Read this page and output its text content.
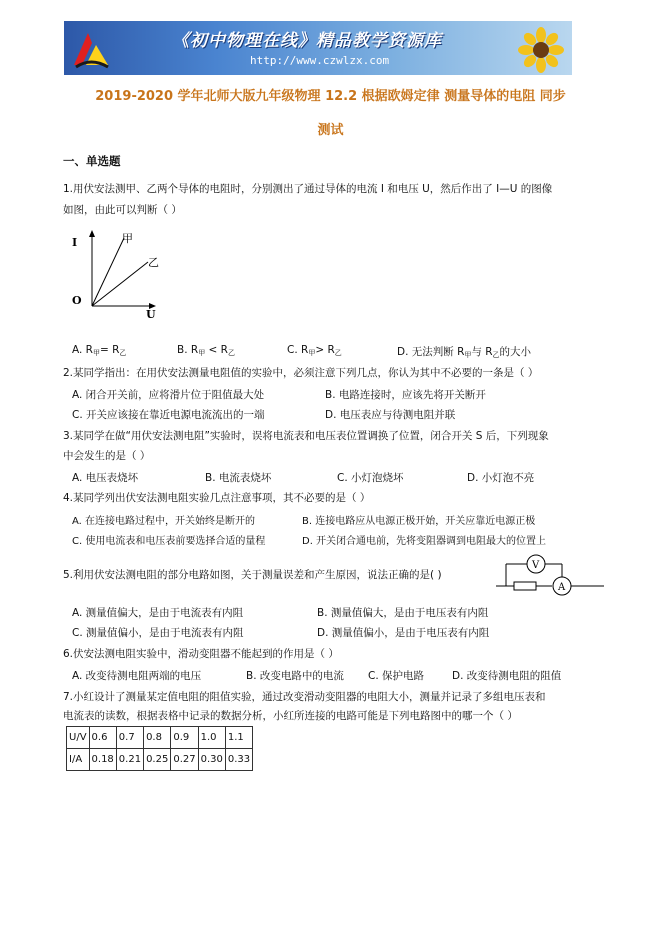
《初中物理在线》精品教学资源库
http://www.czwlzx.com
2019-2020 学年北师大版九年级物理 12.2 根据欧姆定律 测量导体的电阻 同步
测试
一、单选题
1.用伏安法测甲、乙两个导体的电阻时，分别测出了通过导体的电流 I 和电压 U，然后作出了 I—U 的图像
如图，由此可以判断（ ）
I
O
U
甲
乙
A. $R_甲= R_乙$	B. $R_甲 < R_乙$	C. $R_甲> R_乙$	D. 无法判断 $R_甲$与 $R_乙$的大小
2.某同学指出：在用伏安法测量电阻值的实验中，必须注意下列几点，你认为其中不必要的一条是（ ）
A. 闭合开关前，应将滑片位于阻值最大处	B. 电路连接时，应该先将开关断开
C. 开关应该接在靠近电源电流流出的一端	D. 电压表应与待测电阻并联
3.某同学在做“用伏安法测电阻”实验时，误将电流表和电压表位置调换了位置，闭合开关 S 后，下列现象
中会发生的是（ ）
A. 电压表烧坏	B. 电流表烧坏	C. 小灯泡烧坏	D. 小灯泡不亮
4.某同学列出伏安法测电阻实验几点注意事项，其不必要的是（ ）
A. 在连接电路过程中，开关始终是断开的	B. 连接电路应从电源正极开始，开关应靠近电源正极
C. 使用电流表和电压表前要选择合适的量程	D. 开关闭合通电前，先将变阻器调到电阻最大的位置上
5.利用伏安法测电阻的部分电路如图，关于测量误差和产生原因，说法正确的是( )
A
V
A. 测量值偏大，是由于电流表有内阻	B. 测量值偏大，是由于电压表有内阻
C. 测量值偏小，是由于电流表有内阻	D. 测量值偏小，是由于电压表有内阻
6.伏安法测电阻实验中，滑动变阻器不能起到的作用是（ ）
A. 改变待测电阻两端的电压	B. 改变电路中的电流 C. 保护电路	D. 改变待测电阻的阻值
7.小红设计了测量某定值电阻的阻值实验，通过改变滑动变阻器的电阻大小，测量并记录了多组电压表和
电流表的读数，根据表格中记录的数据分析，小红所连接的电路可能是下列电路图中的哪一个（ ）
U/V	0.6	0.7	0.8	0.9	1.0	1.1
I/A	0.18	0.21	0.25	0.27	0.30	0.33
